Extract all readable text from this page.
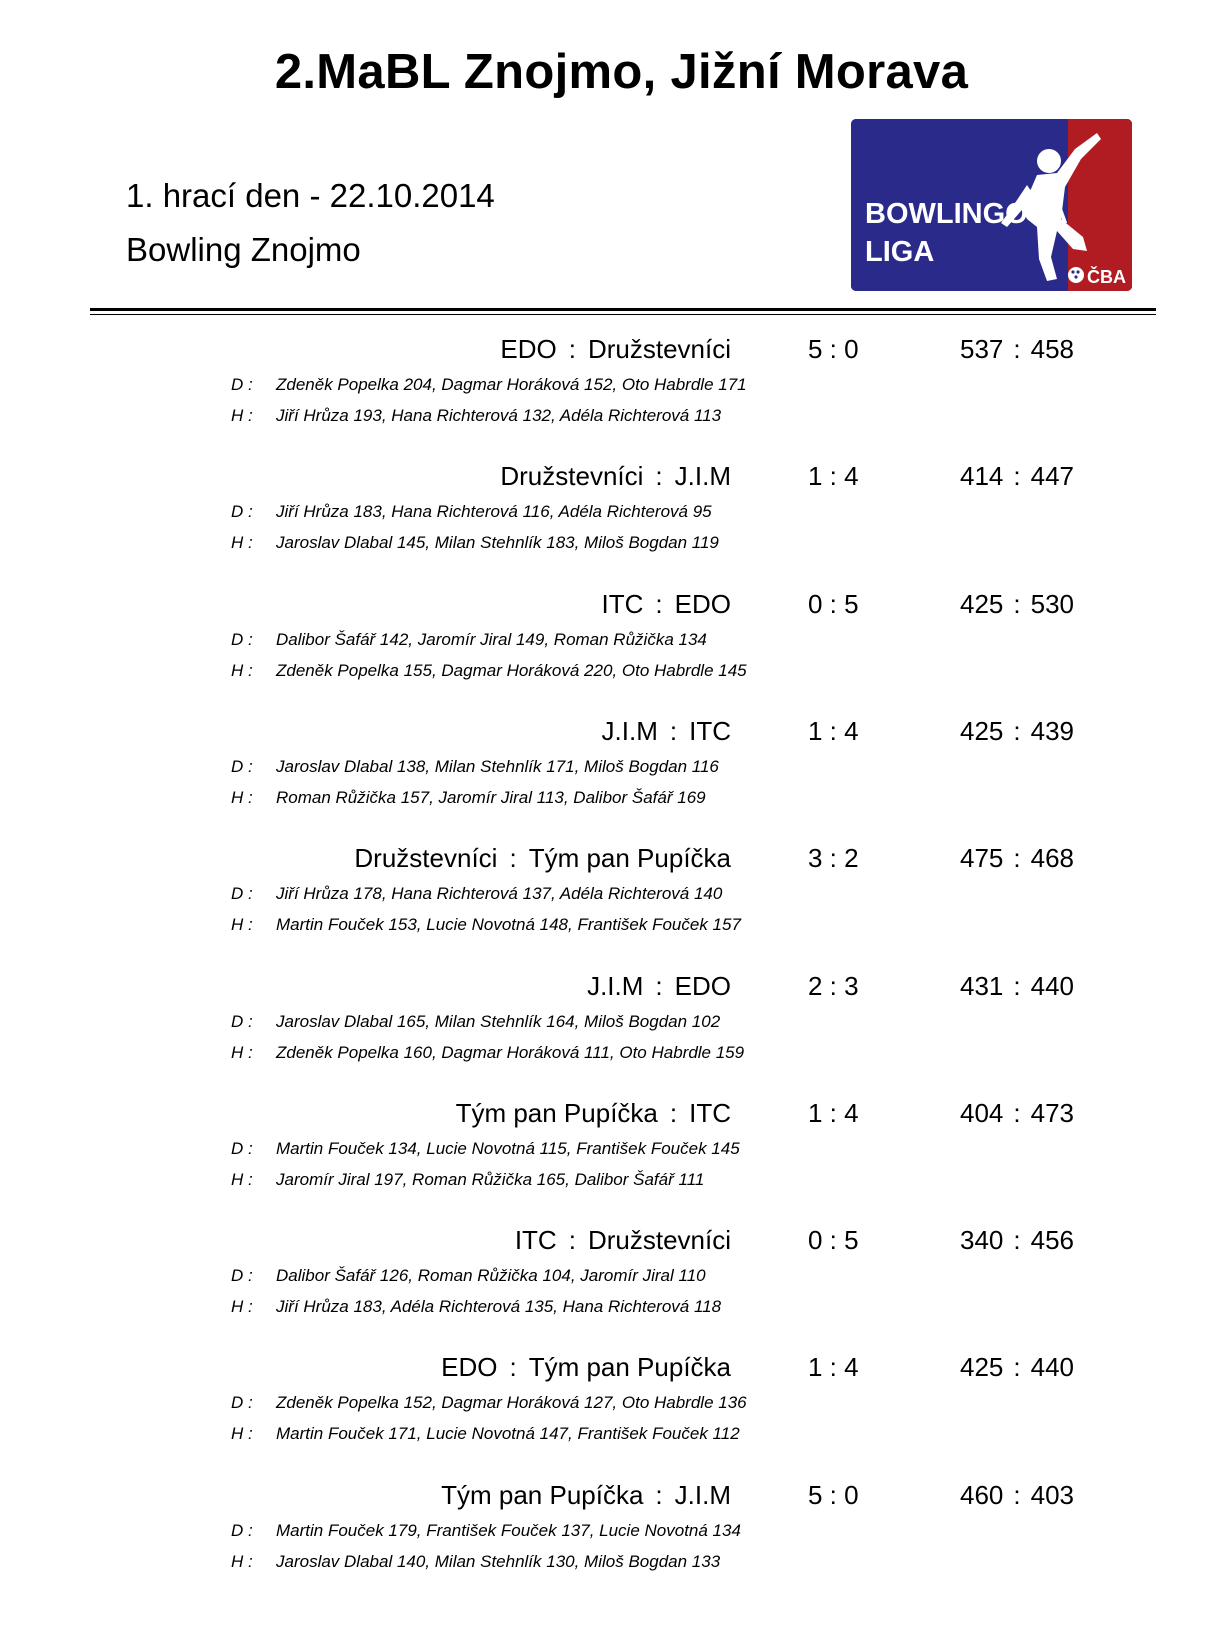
2.MaBL Znojmo, Jižní Morava
1. hrací den - 22.10.2014
Bowling Znojmo
BOWLINGOVÁ
LIGA
ČBA
EDO : Družstevníci	5 : 0	537 : 458
D : Zdeněk Popelka 204, Dagmar Horáková 152, Oto Habrdle 171
H : Jiří Hrůza 193, Hana Richterová 132, Adéla Richterová 113
Družstevníci : J.I.M	1 : 4	414 : 447
D : Jiří Hrůza 183, Hana Richterová 116, Adéla Richterová 95
H : Jaroslav Dlabal 145, Milan Stehnlík 183, Miloš Bogdan 119
ITC : EDO	0 : 5	425 : 530
D : Dalibor Šafář 142, Jaromír Jiral 149, Roman Růžička 134
H : Zdeněk Popelka 155, Dagmar Horáková 220, Oto Habrdle 145
J.I.M : ITC	1 : 4	425 : 439
D : Jaroslav Dlabal 138, Milan Stehnlík 171, Miloš Bogdan 116
H : Roman Růžička 157, Jaromír Jiral 113, Dalibor Šafář 169
Družstevníci : Tým pan Pupíčka	3 : 2	475 : 468
D : Jiří Hrůza 178, Hana Richterová 137, Adéla Richterová 140
H : Martin Fouček 153, Lucie Novotná 148, František Fouček 157
J.I.M : EDO	2 : 3	431 : 440
D : Jaroslav Dlabal 165, Milan Stehnlík 164, Miloš Bogdan 102
H : Zdeněk Popelka 160, Dagmar Horáková 111, Oto Habrdle 159
Tým pan Pupíčka : ITC	1 : 4	404 : 473
D : Martin Fouček 134, Lucie Novotná 115, František Fouček 145
H : Jaromír Jiral 197, Roman Růžička 165, Dalibor Šafář 111
ITC : Družstevníci	0 : 5	340 : 456
D : Dalibor Šafář 126, Roman Růžička 104, Jaromír Jiral 110
H : Jiří Hrůza 183, Adéla Richterová 135, Hana Richterová 118
EDO : Tým pan Pupíčka	1 : 4	425 : 440
D : Zdeněk Popelka 152, Dagmar Horáková 127, Oto Habrdle 136
H : Martin Fouček 171, Lucie Novotná 147, František Fouček 112
Tým pan Pupíčka : J.I.M	5 : 0	460 : 403
D : Martin Fouček 179, František Fouček 137, Lucie Novotná 134
H : Jaroslav Dlabal 140, Milan Stehnlík 130, Miloš Bogdan 133
